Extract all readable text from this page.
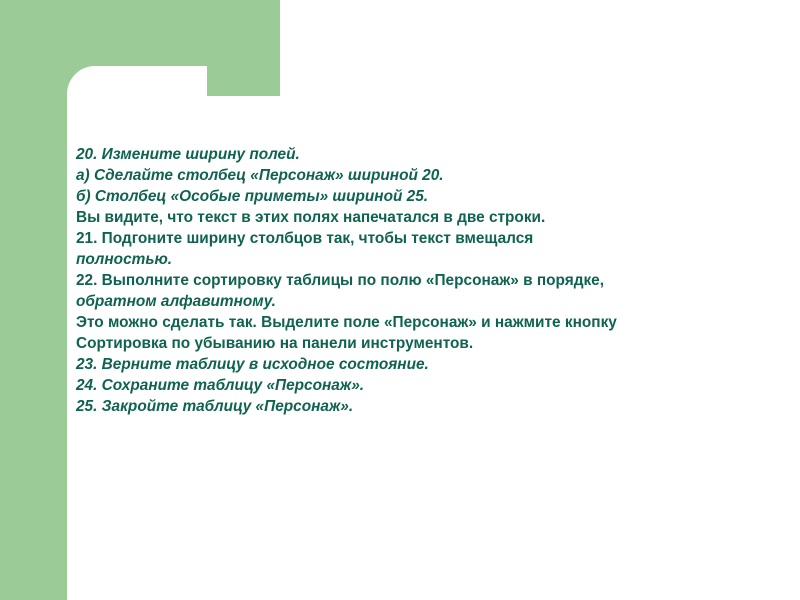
20. Измените ширину полей.

а) Сделайте столбец «Персонаж» шириной 20.

б) Столбец «Особые приметы» шириной 25.

Вы видите, что текст в этих полях напечатался в две строки.

21. Подгоните ширину столбцов так, чтобы текст вмещался

полностью.

22. Выполните сортировку таблицы по полю «Персонаж» в порядке,

обратном алфавитному.

Это можно сделать так. Выделите поле «Персонаж» и нажмите кнопку

Сортировка по убыванию на панели инструментов.

23. Верните таблицу в исходное состояние.

24. Сохраните таблицу «Персонаж».

25. Закройте таблицу «Персонаж».
